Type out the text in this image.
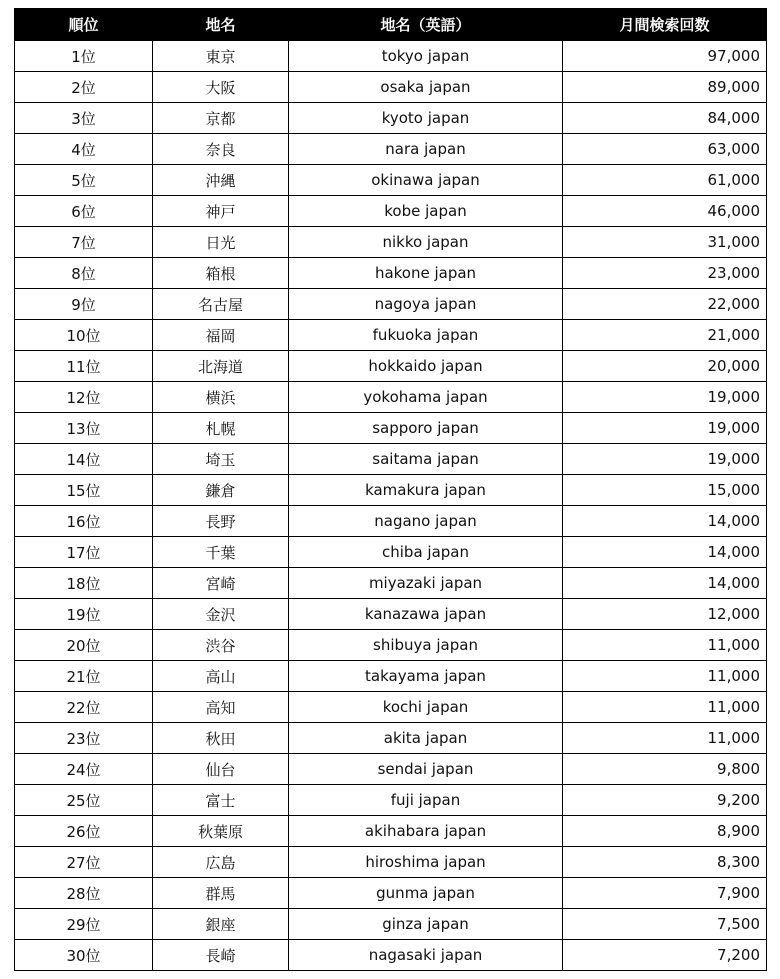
順位	地名	地名（英語）	月間検索回数
1位	東京	tokyo japan	97,000
2位	大阪	osaka japan	89,000
3位	京都	kyoto japan	84,000
4位	奈良	nara japan	63,000
5位	沖縄	okinawa japan	61,000
6位	神戸	kobe japan	46,000
7位	日光	nikko japan	31,000
8位	箱根	hakone japan	23,000
9位	名古屋	nagoya japan	22,000
10位	福岡	fukuoka japan	21,000
11位	北海道	hokkaido japan	20,000
12位	横浜	yokohama japan	19,000
13位	札幌	sapporo japan	19,000
14位	埼玉	saitama japan	19,000
15位	鎌倉	kamakura japan	15,000
16位	長野	nagano japan	14,000
17位	千葉	chiba japan	14,000
18位	宮崎	miyazaki japan	14,000
19位	金沢	kanazawa japan	12,000
20位	渋谷	shibuya japan	11,000
21位	高山	takayama japan	11,000
22位	高知	kochi japan	11,000
23位	秋田	akita japan	11,000
24位	仙台	sendai japan	9,800
25位	富士	fuji japan	9,200
26位	秋葉原	akihabara japan	8,900
27位	広島	hiroshima japan	8,300
28位	群馬	gunma japan	7,900
29位	銀座	ginza japan	7,500
30位	長崎	nagasaki japan	7,200
